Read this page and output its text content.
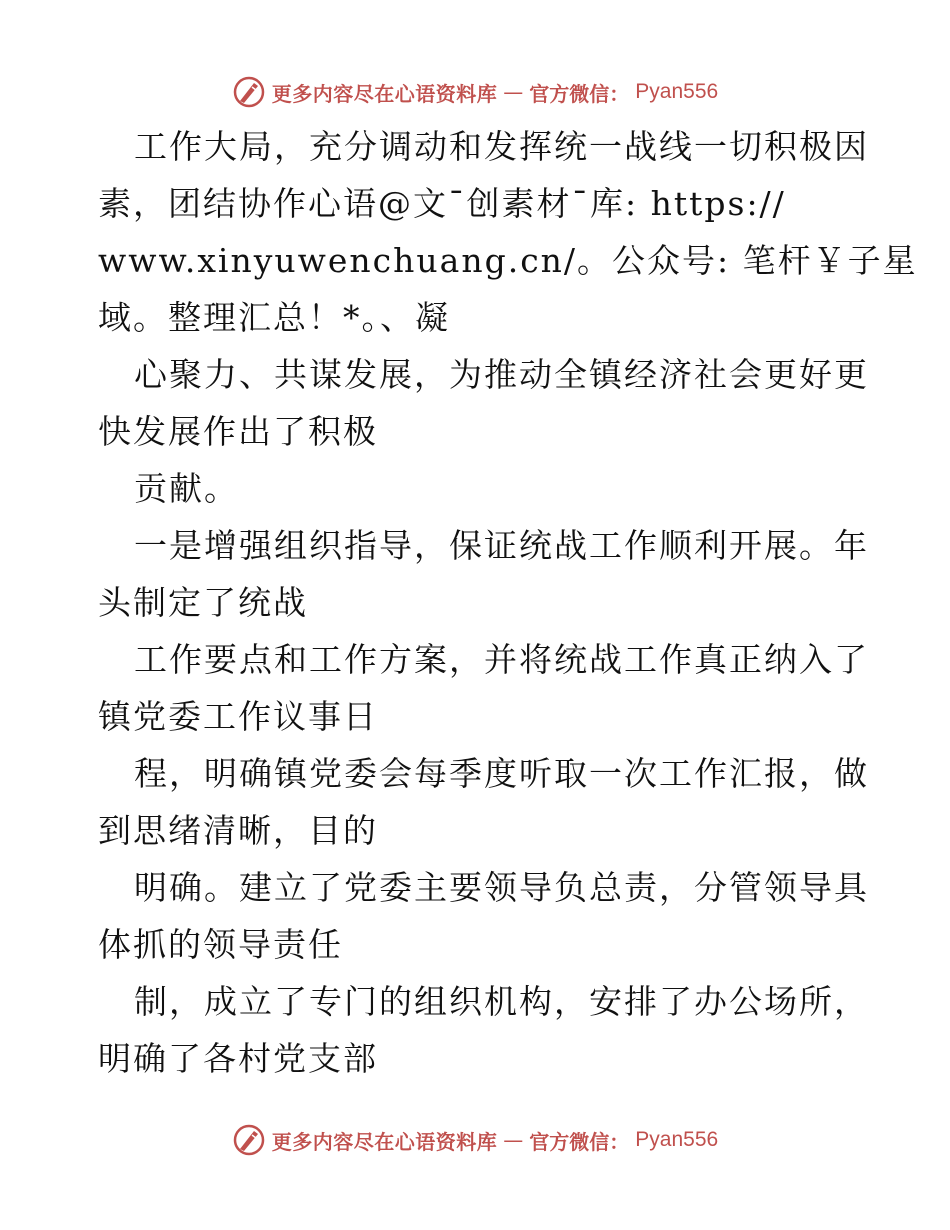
更多内容尽在心语资料库 — 官方微信： Pyan556
工作大局，充分调动和发挥统一战线一切积极因
素，团结协作心语@文¯创素材¯库: https://
www.xinyuwenchuang.cn/。公众号: 笔杆￥子星
域。整理汇总！*。、凝
心聚力、共谋发展，为推动全镇经济社会更好更
快发展作出了积极
贡献。
一是增强组织指导，保证统战工作顺利开展。年
头制定了统战
工作要点和工作方案，并将统战工作真正纳入了
镇党委工作议事日
程，明确镇党委会每季度听取一次工作汇报，做
到思绪清晰，目的
明确。建立了党委主要领导负总责，分管领导具
体抓的领导责任
制，成立了专门的组织机构，安排了办公场所，
明确了各村党支部
更多内容尽在心语资料库 — 官方微信： Pyan556
